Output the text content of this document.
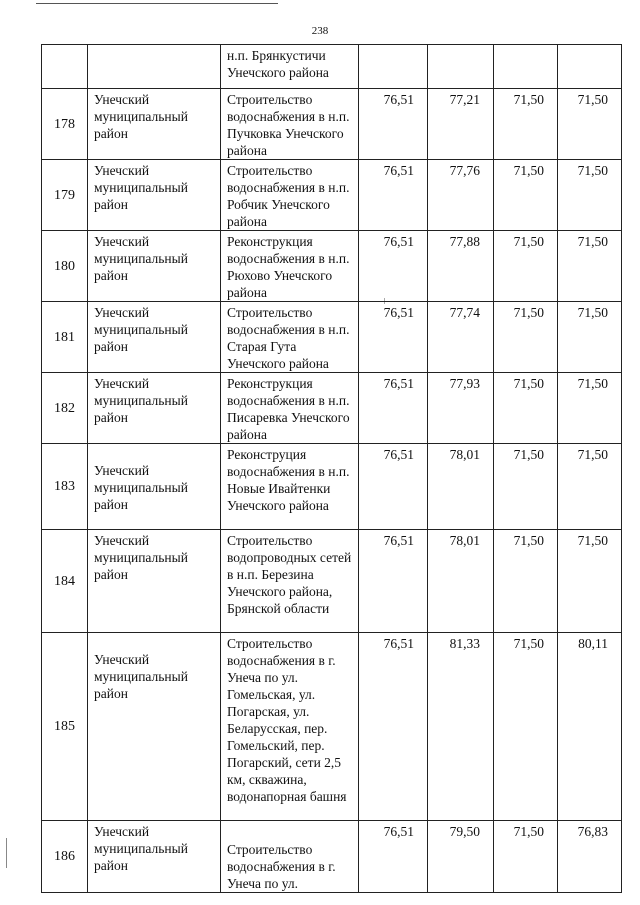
238
		н.п. Брянкустичи Унечского района				
178	Унечский муниципальный район	Строительство водоснабжения в н.п. Пучковка Унечского района	76,51	77,21	71,50	71,50
179	Унечский муниципальный район	Строительство водоснабжения в н.п. Робчик Унечского района	76,51	77,76	71,50	71,50
180	Унечский муниципальный район	Реконструкция водоснабжения в н.п. Рюхово Унечского района	76,51	77,88	71,50	71,50
181	Унечский муниципальный район	Строительство водоснабжения в н.п. Старая Гута Унечского района	76,51	77,74	71,50	71,50
182	Унечский муниципальный район	Реконструкция водоснабжения в н.п. Писаревка Унечского района	76,51	77,93	71,50	71,50
183	Унечский муниципальный район	Реконструция водоснабжения в н.п. Новые Ивайтенки Унечского района	76,51	78,01	71,50	71,50
184	Унечский муниципальный район	Строительство водопроводных сетей в н.п. Березина Унечского района, Брянской области	76,51	78,01	71,50	71,50
185	Унечский муниципальный район	Строительство водоснабжения в г. Унеча по ул. Гомельская, ул. Погарская, ул. Беларусская, пер. Гомельский, пер. Погарский, сети 2,5 км, скважина, водонапорная башня	76,51	81,33	71,50	80,11
186	Унечский муниципальный район	Строительство водоснабжения в г. Унеча по ул.	76,51	79,50	71,50	76,83
